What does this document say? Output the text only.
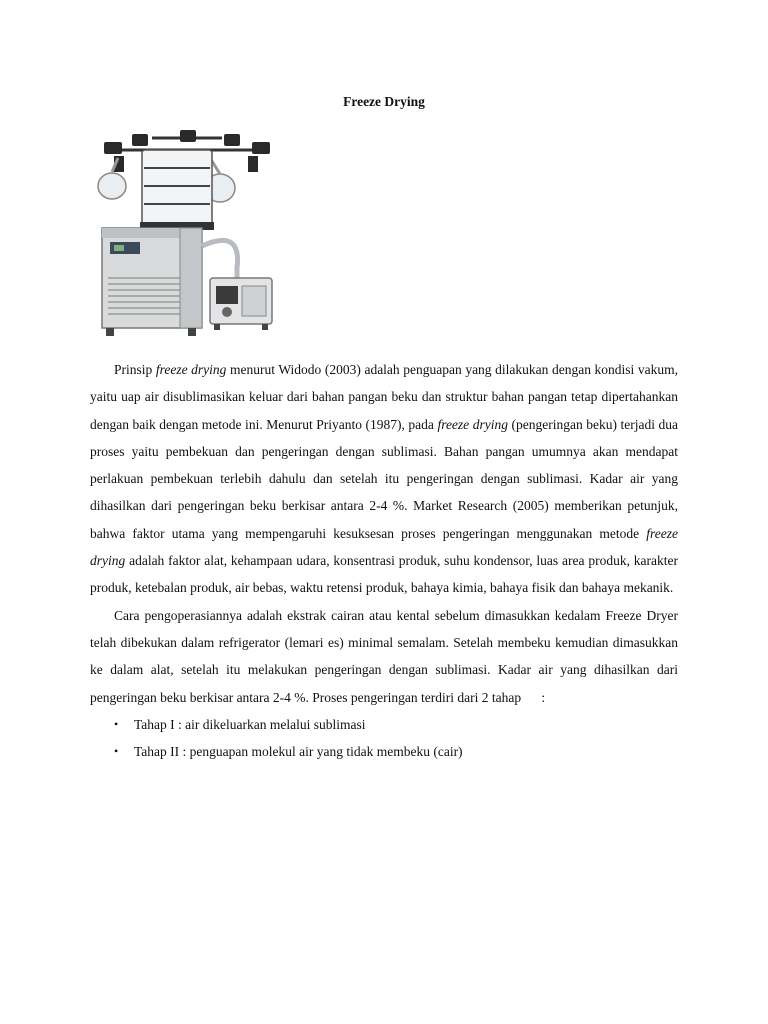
Freeze Drying

Prinsip freeze drying menurut Widodo (2003) adalah penguapan yang dilakukan dengan kondisi vakum, yaitu uap air disublimasikan keluar dari bahan pangan beku dan struktur bahan pangan tetap dipertahankan dengan baik dengan metode ini. Menurut Priyanto (1987), pada freeze drying (pengeringan beku) terjadi dua proses yaitu pembekuan dan pengeringan dengan sublimasi. Bahan pangan umumnya akan mendapat perlakuan pembekuan terlebih dahulu dan setelah itu pengeringan dengan sublimasi. Kadar air yang dihasilkan dari pengeringan beku berkisar antara 2-4 %. Market Research (2005) memberikan petunjuk, bahwa faktor utama yang mempengaruhi kesuksesan proses pengeringan menggunakan metode freeze drying adalah faktor alat, kehampaan udara, konsentrasi produk, suhu kondensor, luas area produk, karakter produk, ketebalan produk, air bebas, waktu retensi produk, bahaya kimia, bahaya fisik dan bahaya mekanik.

Cara pengoperasiannya adalah ekstrak cairan atau kental sebelum dimasukkan kedalam Freeze Dryer telah dibekukan dalam refrigerator (lemari es) minimal semalam. Setelah membeku kemudian dimasukkan ke dalam alat, setelah itu melakukan pengeringan dengan sublimasi. Kadar air yang dihasilkan dari pengeringan beku berkisar antara 2-4 %. Proses pengeringan terdiri dari 2 tahap      :

• Tahap I : air dikeluarkan melalui sublimasi
• Tahap II : penguapan molekul air yang tidak membeku (cair)
